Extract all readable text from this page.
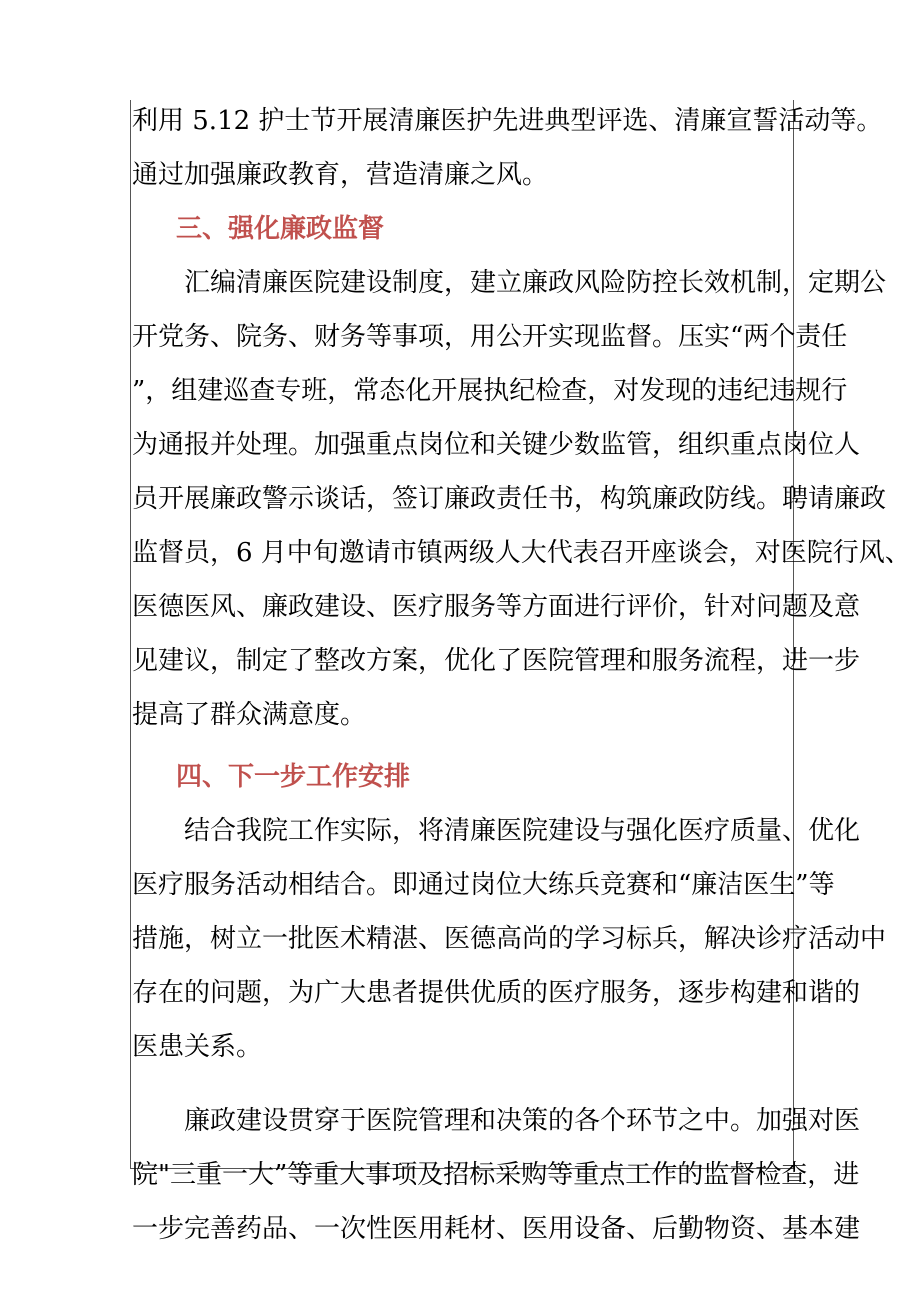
利用 5.12 护士节开展清廉医护先进典型评选、清廉宣誓活动等。
通过加强廉政教育，营造清廉之风。
三、强化廉政监督
汇编清廉医院建设制度，建立廉政风险防控长效机制，定期公
开党务、院务、财务等事项，用公开实现监督。压实“两个责任
”，组建巡查专班，常态化开展执纪检查，对发现的违纪违规行
为通报并处理。加强重点岗位和关键少数监管，组织重点岗位人
员开展廉政警示谈话，签订廉政责任书，构筑廉政防线。聘请廉政
监督员，6 月中旬邀请市镇两级人大代表召开座谈会，对医院行风、
医德医风、廉政建设、医疗服务等方面进行评价，针对问题及意
见建议，制定了整改方案，优化了医院管理和服务流程，进一步
提高了群众满意度。
四、下一步工作安排
结合我院工作实际，将清廉医院建设与强化医疗质量、优化
医疗服务活动相结合。即通过岗位大练兵竞赛和“廉洁医生”等
措施，树立一批医术精湛、医德高尚的学习标兵，解决诊疗活动中
存在的问题，为广大患者提供优质的医疗服务，逐步构建和谐的
医患关系。
廉政建设贯穿于医院管理和决策的各个环节之中。加强对医
院"三重一大”等重大事项及招标采购等重点工作的监督检查，进
一步完善药品、一次性医用耗材、医用设备、后勤物资、基本建
